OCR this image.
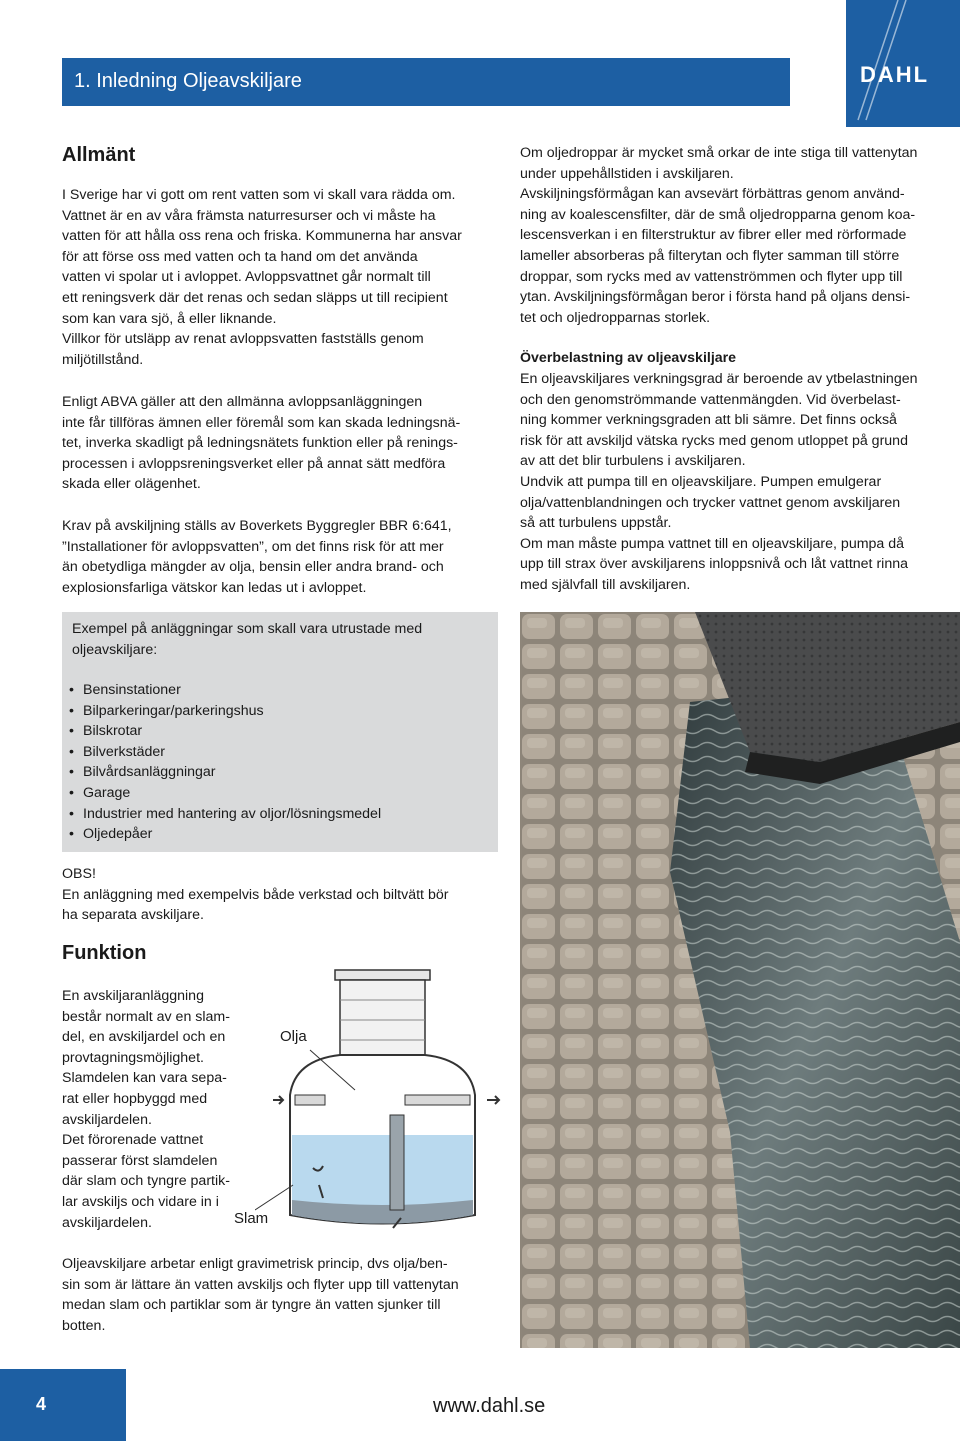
1. Inledning Oljeavskiljare	DAHL
Allmänt

I Sverige har vi gott om rent vatten som vi skall vara rädda om.

Vattnet är en av våra främsta naturresurser och vi måste ha

vatten för att hålla oss rena och friska. Kommunerna har ansvar

för att förse oss med vatten och ta hand om det använda

vatten vi spolar ut i avloppet. Avloppsvattnet går normalt till

ett reningsverk där det renas och sedan släpps ut till recipient

som kan vara sjö, å eller liknande.

Villkor för utsläpp av renat avloppsvatten fastställs genom

miljötillstånd.

Enligt ABVA gäller att den allmänna avloppsanläggningen

inte får tillföras ämnen eller föremål som kan skada ledningsnä-

tet, inverka skadligt på ledningsnätets funktion eller på renings-

processen i avloppsreningsverket eller på annat sätt medföra

skada eller olägenhet.

Krav på avskiljning ställs av Boverkets Byggregler BBR 6:641,

”Installationer för avloppsvatten”, om det finns risk för att mer

än obetydliga mängder av olja, bensin eller andra brand- och

explosionsfarliga vätskor kan ledas ut i avloppet.

Exempel på anläggningar som skall vara utrustade med

oljeavskiljare:

• Bensinstationer
• Bilparkeringar/parkeringshus
• Bilskrotar
• Bilverkstäder
• Bilvårdsanläggningar
• Garage
• Industrier med hantering av oljor/lösningsmedel
• Oljedepåer

OBS!

En anläggning med exempelvis både verkstad och biltvätt bör

ha separata avskiljare.

Funktion

En avskiljaranläggning

består normalt av en slam-

del, en avskiljardel och en

provtagningsmöjlighet.

Slamdelen kan vara sepa-

rat eller hopbyggd med

avskiljardelen.

Det förorenade vattnet

passerar först slamdelen

där slam och tyngre partik-

lar avskiljs och vidare in i

avskiljardelen.

Olja
Slam

Oljeavskiljare arbetar enligt gravimetrisk princip, dvs olja/ben-

sin som är lättare än vatten avskiljs och flyter upp till vattenytan

medan slam och partiklar som är tyngre än vatten sjunker till

botten.

Om oljedroppar är mycket små orkar de inte stiga till vattenytan

under uppehållstiden i avskiljaren.

Avskiljningsförmågan kan avsevärt förbättras genom använd-

ning av koalescensfilter, där de små oljedropparna genom koa-

lescensverkan i en filterstruktur av fibrer eller med rörformade

lameller absorberas på filterytan och flyter samman till större

droppar, som rycks med av vattenströmmen och flyter upp till

ytan. Avskiljningsförmågan beror i första hand på oljans densi-

tet och oljedropparnas storlek.

Överbelastning av oljeavskiljare

En oljeavskiljares verkningsgrad är beroende av ytbelastningen

och den genomströmmande vattenmängden. Vid överbelast-

ning kommer verkningsgraden att bli sämre. Det finns också

risk för att avskiljd vätska rycks med genom utloppet på grund

av att det blir turbulens i avskiljaren.

Undvik att pumpa till en oljeavskiljare. Pumpen emulgerar

olja/vattenblandningen och trycker vattnet genom avskiljaren

så att turbulens uppstår.

Om man måste pumpa vattnet till en oljeavskiljare, pumpa då

upp till strax över avskiljarens inloppsnivå och låt vattnet rinna

med självfall till avskiljaren.

4	www.dahl.se
